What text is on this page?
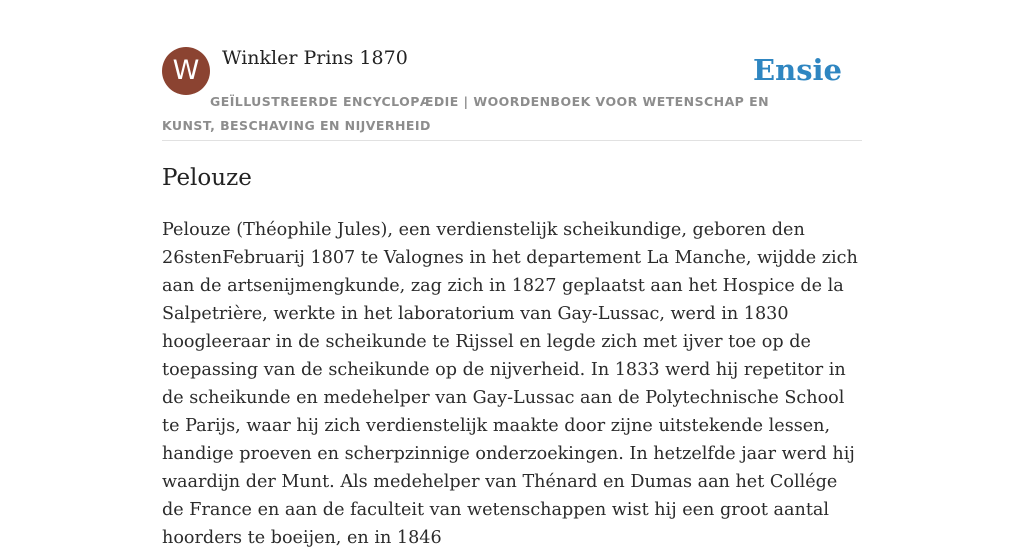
W	Winkler Prins 1870	Ensie
GEÏLLUSTREERDE ENCYCLOPÆDIE | WOORDENBOEK VOOR WETENSCHAP EN KUNST, BESCHAVING EN NIJVERHEID
Pelouze

Pelouze (Théophile Jules), een verdienstelijk scheikundige, geboren den 26stenFebruarij 1807 te Valognes in het departement La Manche, wijdde zich aan de artsenijmengkunde, zag zich in 1827 geplaatst aan het Hospice de la Salpetrière, werkte in het laboratorium van Gay-Lussac, werd in 1830 hoogleeraar in de scheikunde te Rijssel en legde zich met ijver toe op de toepassing van de scheikunde op de nijverheid. In 1833 werd hij repetitor in de scheikunde en medehelper van Gay-Lussac aan de Polytechnische School te Parijs, waar hij zich verdienstelijk maakte door zijne uitstekende lessen, handige proeven en scherpzinnige onderzoekingen. In hetzelfde jaar werd hij waardijn der Munt. Als medehelper van Thénard en Dumas aan het Collége de France en aan de faculteit van wetenschappen wist hij een groot aantal hoorders te boeijen, en in 1846
